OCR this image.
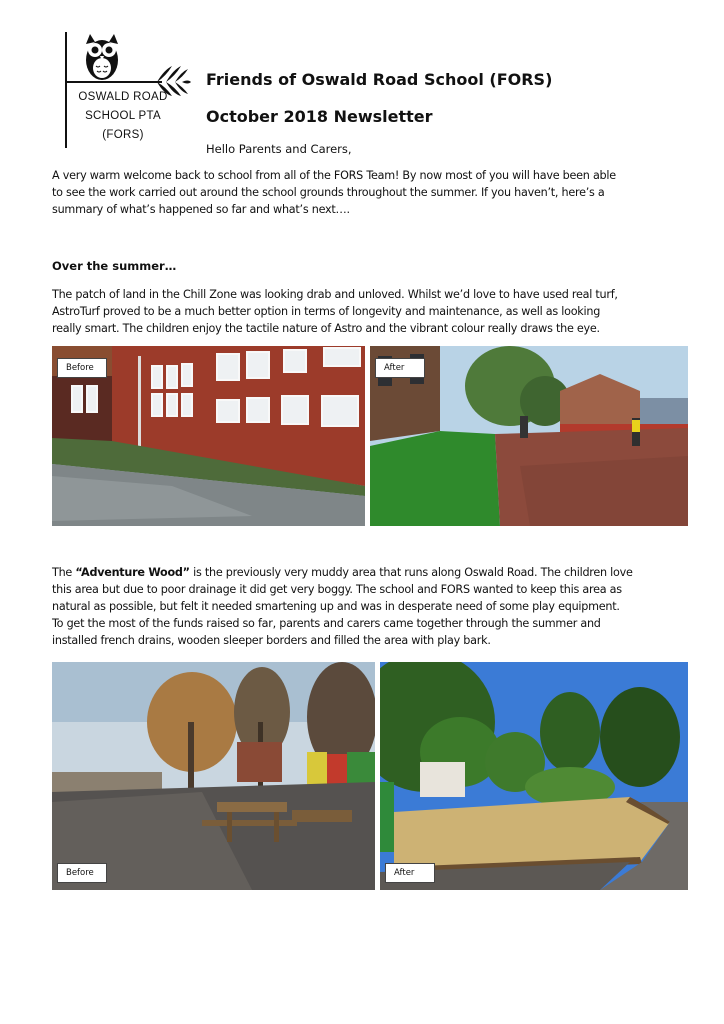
OSWALD ROAD
SCHOOL PTA
(FORS)
Friends of Oswald Road School (FORS)
October 2018 Newsletter
Hello Parents and Carers,

A very warm welcome back to school from all of the FORS Team! By now most of you will have been able
to see the work carried out around the school grounds throughout the summer. If you haven’t, here’s a
summary of what’s happened so far and what’s next….

Over the summer…

The patch of land in the Chill Zone was looking drab and unloved. Whilst we’d love to have used real turf,
AstroTurf proved to be a much better option in terms of longevity and maintenance, as well as looking
really smart. The children enjoy the tactile nature of Astro and the vibrant colour really draws the eye.

Before	After

The “Adventure Wood” is the previously very muddy area that runs along Oswald Road. The children love
this area but due to poor drainage it did get very boggy. The school and FORS wanted to keep this area as
natural as possible, but felt it needed smartening up and was in desperate need of some play equipment.
To get the most of the funds raised so far, parents and carers came together through the summer and
installed french drains, wooden sleeper borders and filled the area with play bark.

Before	After
